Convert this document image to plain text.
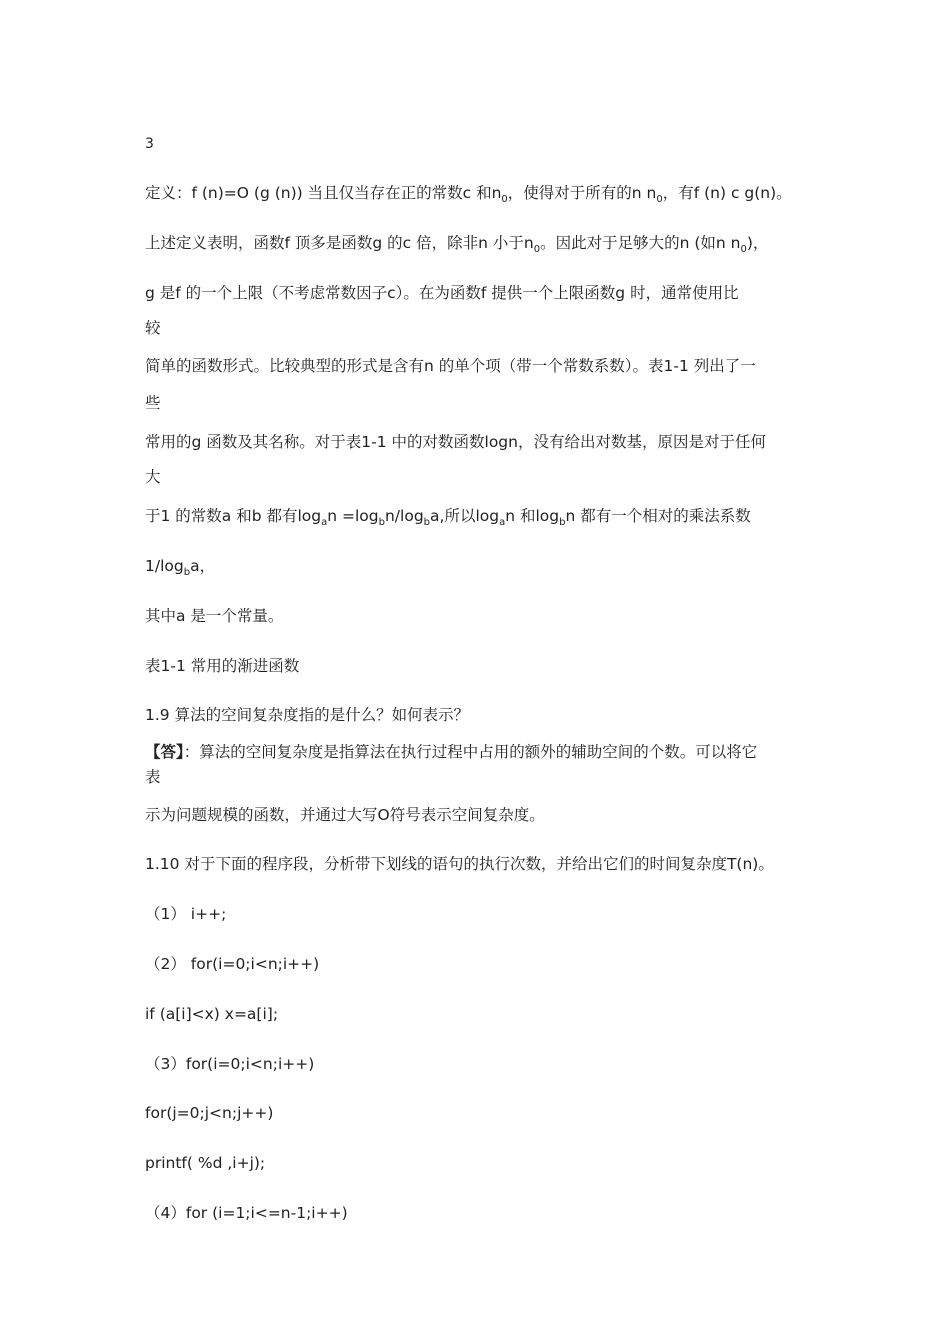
3
定义：f (n)=O (g (n)) 当且仅当存在正的常数c 和$n_0$，使得对于所有的n $n_0$，有f (n) c g(n)。
上述定义表明，函数f 顶多是函数g 的c 倍，除非n 小于$n_0$。因此对于足够大的n (如n $n_0$)，
g 是f 的一个上限（不考虑常数因子c）。在为函数f 提供一个上限函数g 时，通常使用比
较
简单的函数形式。比较典型的形式是含有n 的单个项（带一个常数系数）。表1-1 列出了一
些
常用的g 函数及其名称。对于表1-1 中的对数函数logn，没有给出对数基，原因是对于任何
大
于1 的常数a 和b 都有$\log_an =\log_bn/\log_ba$,所以$\log_an$ 和$\log_bn$ 都有一个相对的乘法系数
$1/\log_ba$，
其中a 是一个常量。
表1-1 常用的渐进函数
1.9 算法的空间复杂度指的是什么？如何表示？
【答】：算法的空间复杂度是指算法在执行过程中占用的额外的辅助空间的个数。可以将它
表
示为问题规模的函数，并通过大写O符号表示空间复杂度。
1.10 对于下面的程序段，分析带下划线的语句的执行次数，并给出它们的时间复杂度T(n)。
（1） i++;
（2） for(i=0;i<n;i++)
if (a[i]<x) x=a[i];
（3）for(i=0;i<n;i++)
for(j=0;j<n;j++)
printf( %d ,i+j);
（4）for (i=1;i<=n-1;i++)
